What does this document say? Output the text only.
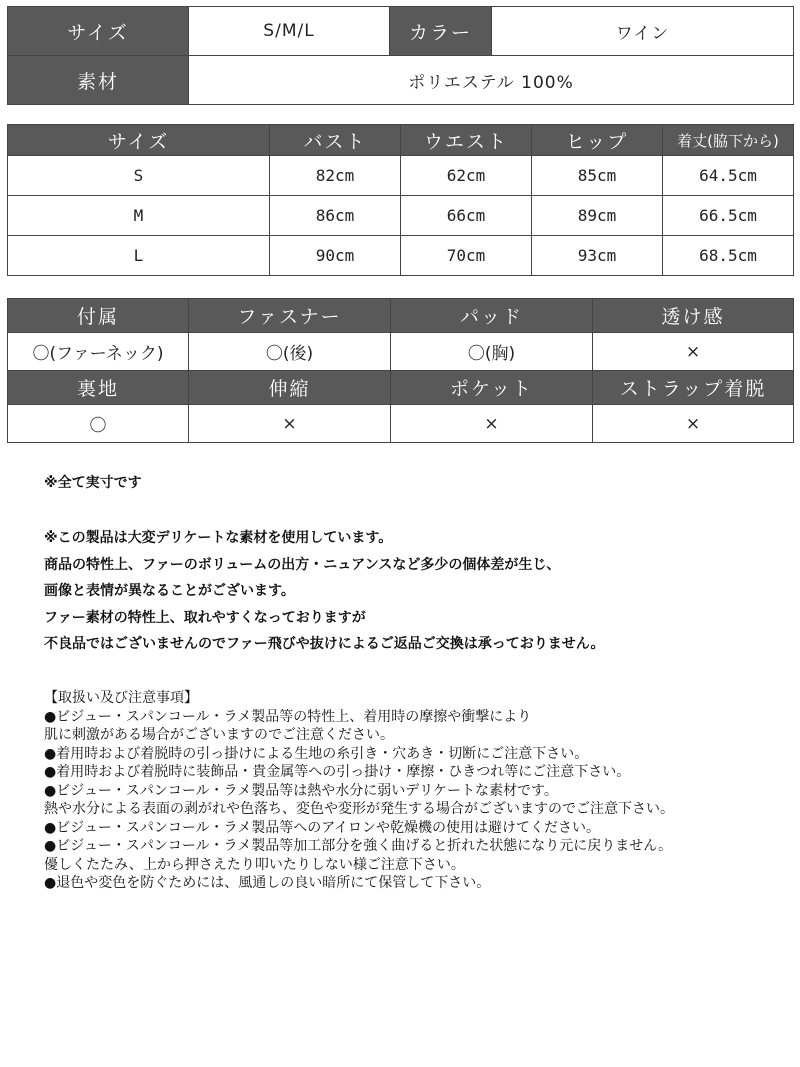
サイズ	S/M/L	カラー	ワイン
素材	ポリエステル 100%		
サイズ	バスト	ウエスト	ヒップ	着丈(脇下から)
S	82cm	62cm	85cm	64.5cm
M	86cm	66cm	89cm	66.5cm
L	90cm	70cm	93cm	68.5cm
付属	ファスナー	パッド	透け感
〇(ファーネック)	〇(後)	〇(胸)	×
裏地	伸縮	ポケット	ストラップ着脱
〇	×	×	×
※全て実寸です
※この製品は大変デリケートな素材を使用しています。
商品の特性上、ファーのボリュームの出方・ニュアンスなど多少の個体差が生じ、
画像と表情が異なることがございます。
ファー素材の特性上、取れやすくなっておりますが
不良品ではございませんのでファー飛びや抜けによるご返品ご交換は承っておりません。
【取扱い及び注意事項】
●ビジュー・スパンコール・ラメ製品等の特性上、着用時の摩擦や衝撃により
肌に刺激がある場合がございますのでご注意ください。
●着用時および着脱時の引っ掛けによる生地の糸引き・穴あき・切断にご注意下さい。
●着用時および着脱時に装飾品・貴金属等への引っ掛け・摩擦・ひきつれ等にご注意下さい。
●ビジュー・スパンコール・ラメ製品等は熱や水分に弱いデリケートな素材です。
熱や水分による表面の剥がれや色落ち、変色や変形が発生する場合がございますのでご注意下さい。
●ビジュー・スパンコール・ラメ製品等へのアイロンや乾燥機の使用は避けてください。
●ビジュー・スパンコール・ラメ製品等加工部分を強く曲げると折れた状態になり元に戻りません。
優しくたたみ、上から押さえたり叩いたりしない様ご注意下さい。
●退色や変色を防ぐためには、風通しの良い暗所にて保管して下さい。
